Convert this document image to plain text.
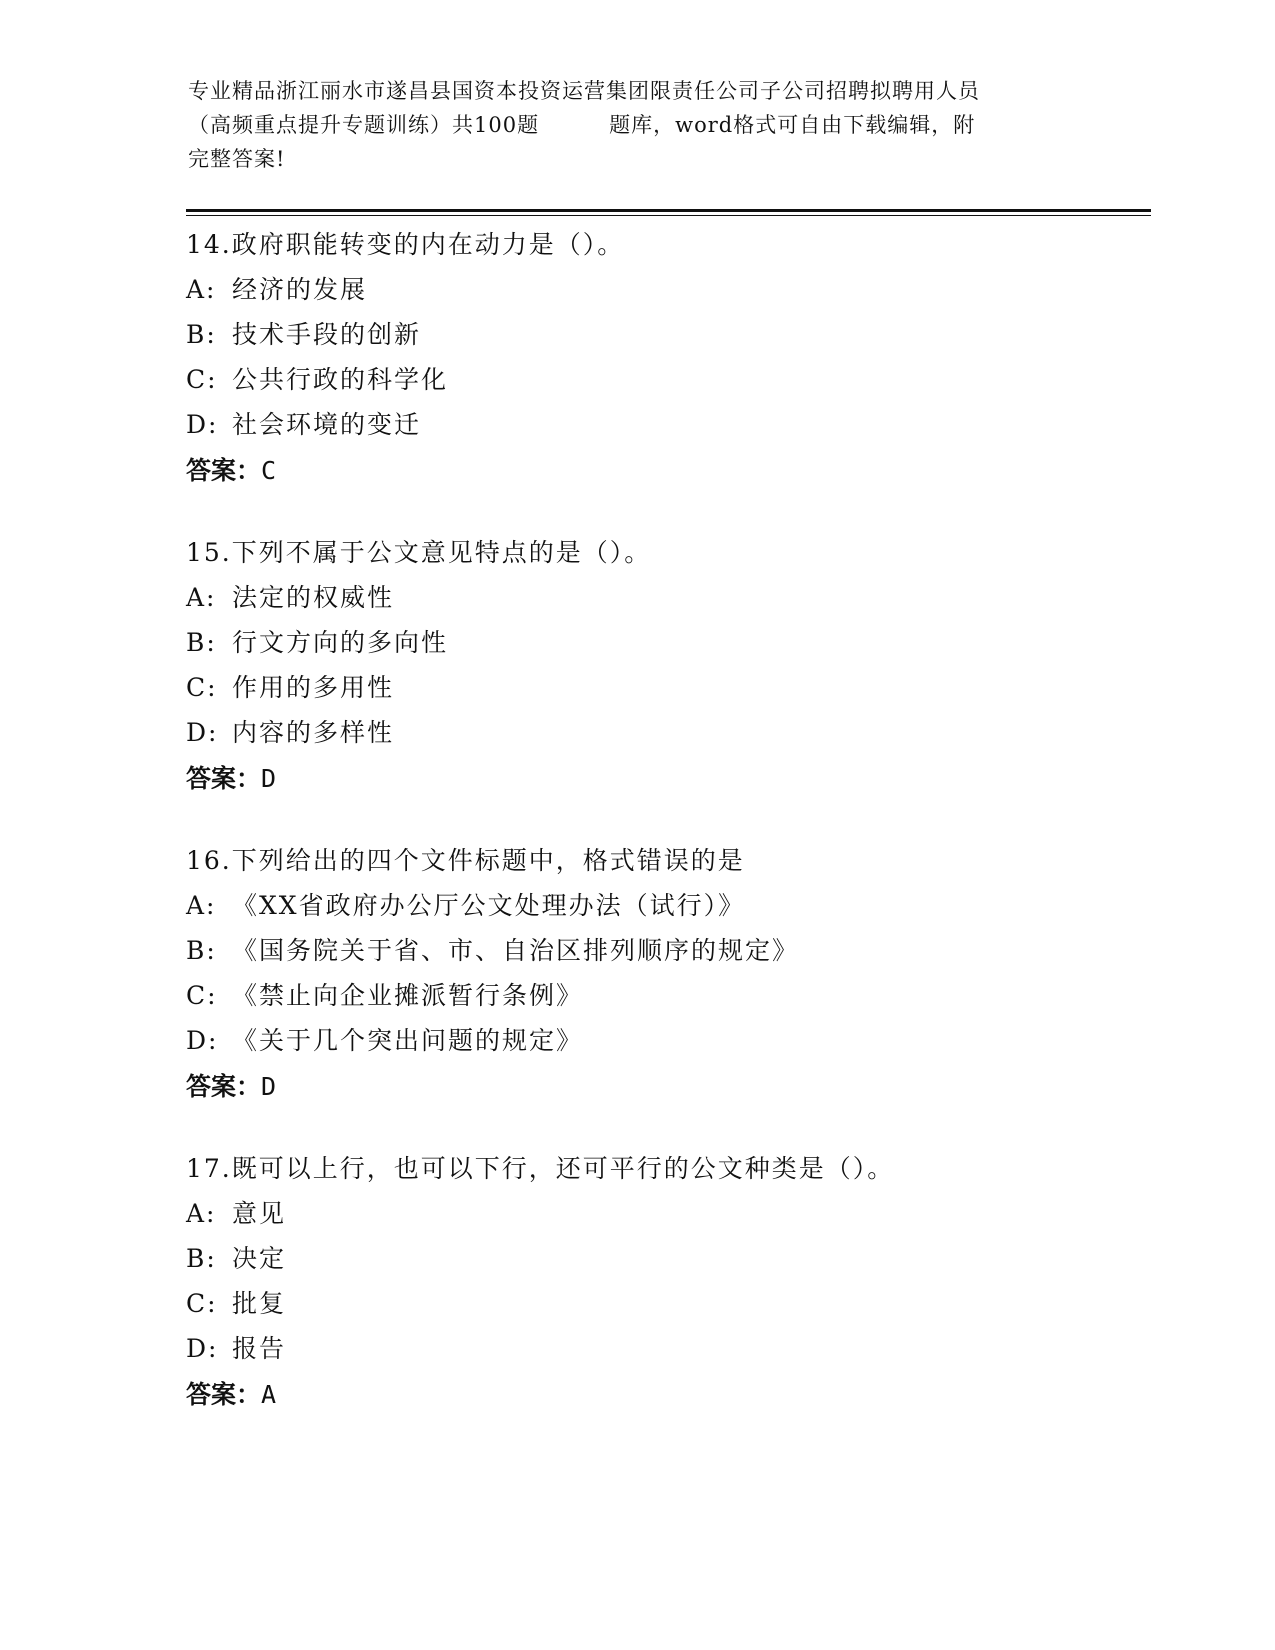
专业精品浙江丽水市遂昌县国资本投资运营集团限责任公司子公司招聘拟聘用人员
（高频重点提升专题训练）共100题	题库，word格式可自由下载编辑，附
完整答案!
14.政府职能转变的内在动力是（）。
A: 经济的发展
B: 技术手段的创新
C: 公共行政的科学化
D: 社会环境的变迁
答案：C
15.下列不属于公文意见特点的是（）。
A: 法定的权威性
B: 行文方向的多向性
C: 作用的多用性
D: 内容的多样性
答案：D
16.下列给出的四个文件标题中，格式错误的是
A: 《XX省政府办公厅公文处理办法（试行）》
B: 《国务院关于省、市、自治区排列顺序的规定》
C: 《禁止向企业摊派暂行条例》
D: 《关于几个突出问题的规定》
答案：D
17.既可以上行，也可以下行，还可平行的公文种类是（）。
A: 意见
B: 决定
C: 批复
D: 报告
答案：A
